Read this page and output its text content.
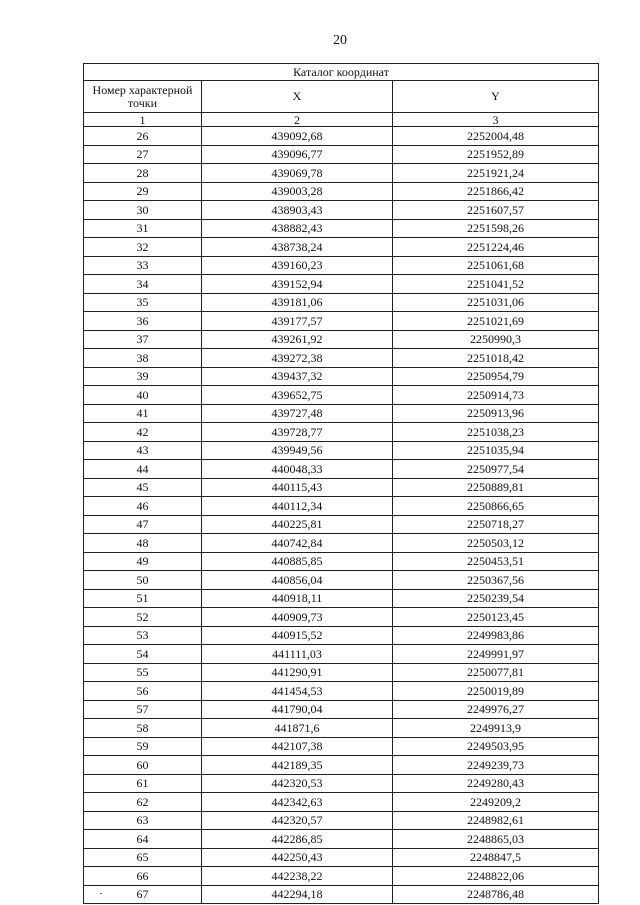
20
Каталог координат		
Номер характерной точки	X	Y
1	2	3
26	439092,68	2252004,48
27	439096,77	2251952,89
28	439069,78	2251921,24
29	439003,28	2251866,42
30	438903,43	2251607,57
31	438882,43	2251598,26
32	438738,24	2251224,46
33	439160,23	2251061,68
34	439152,94	2251041,52
35	439181,06	2251031,06
36	439177,57	2251021,69
37	439261,92	2250990,3
38	439272,38	2251018,42
39	439437,32	2250954,79
40	439652,75	2250914,73
41	439727,48	2250913,96
42	439728,77	2251038,23
43	439949,56	2251035,94
44	440048,33	2250977,54
45	440115,43	2250889,81
46	440112,34	2250866,65
47	440225,81	2250718,27
48	440742,84	2250503,12
49	440885,85	2250453,51
50	440856,04	2250367,56
51	440918,11	2250239,54
52	440909,73	2250123,45
53	440915,52	2249983,86
54	441111,03	2249991,97
55	441290,91	2250077,81
56	441454,53	2250019,89
57	441790,04	2249976,27
58	441871,6	2249913,9
59	442107,38	2249503,95
60	442189,35	2249239,73
61	442320,53	2249280,43
62	442342,63	2249209,2
63	442320,57	2248982,61
64	442286,85	2248865,03
65	442250,43	2248847,5
66	442238,22	2248822,06
67	442294,18	2248786,48
